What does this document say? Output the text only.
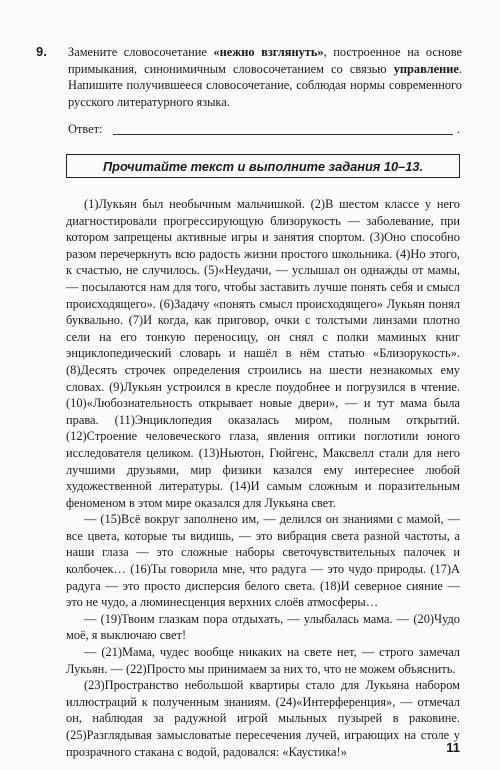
9. Замените словосочетание «нежно взглянуть», построенное на основе примыкания, синонимичным словосочетанием со связью управление. Напишите получившееся словосочетание, соблюдая нормы современного русского литературного языка.
Ответ:	.
Прочитайте текст и выполните задания 10–13.

(1)Лукьян был необычным мальчишкой. (2)В шестом классе у него диагностировали прогрессирующую близорукость — заболевание, при котором запрещены активные игры и занятия спортом. (3)Оно способно разом перечеркнуть всю радость жизни простого школьника. (4)Но этого, к счастью, не случилось. (5)«Неудачи, — услышал он однажды от мамы, — посылаются нам для того, чтобы заставить лучше понять себя и смысл происходящего». (6)Задачу «понять смысл происходящего» Лукьян понял буквально. (7)И когда, как приговор, очки с толстыми линзами плотно сели на его тонкую переносицу, он снял с полки маминых книг энциклопедический словарь и нашёл в нём статью «Близорукость». (8)Десять строчек определения строились на шести незнакомых ему словах. (9)Лукьян устроился в кресле поудобнее и погрузился в чтение. (10)«Любознательность открывает новые двери», — и тут мама была права. (11)Энциклопедия оказалась миром, полным открытий. (12)Строение человеческого глаза, явления оптики поглотили юного исследователя целиком. (13)Ньютон, Гюйгенс, Максвелл стали для него лучшими друзьями, мир физики казался ему интереснее любой художественной литературы. (14)И самым сложным и поразительным феноменом в этом мире оказался для Лукьяна свет.

— (15)Всё вокруг заполнено им, — делился он знаниями с мамой, — все цвета, которые ты видишь, — это вибрация света разной частоты, а наши глаза — это сложные наборы светочувствительных палочек и колбочек… (16)Ты говорила мне, что радуга — это чудо природы. (17)А радуга — это просто дисперсия белого света. (18)И северное сияние — это не чудо, а люминесценция верхних слоёв атмосферы…

— (19)Твоим глазкам пора отдыхать, — улыбалась мама. — (20)Чудо моё, я выключаю свет!

— (21)Мама, чудес вообще никаких на свете нет, — строго замечал Лукьян. — (22)Просто мы принимаем за них то, что не можем объяснить.

(23)Пространство небольшой квартиры стало для Лукьяна набором иллюстраций к полученным знаниям. (24)«Интерференция», — отмечал он, наблюдая за радужной игрой мыльных пузырей в раковине. (25)Разглядывая замысловатые пересечения лучей, играющих на столе у прозрачного стакана с водой, радовался: «Каустика!»	11
